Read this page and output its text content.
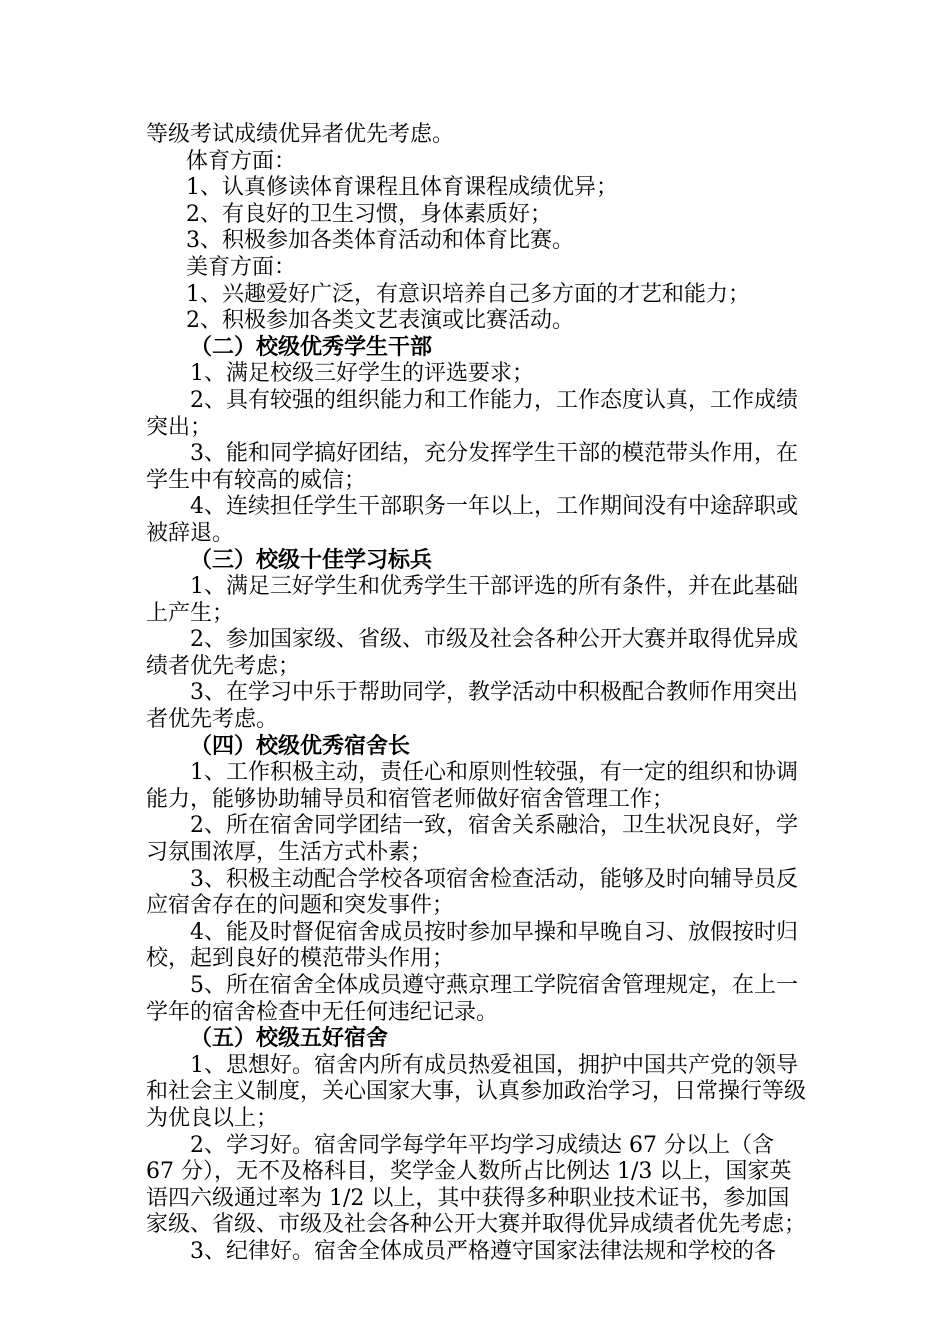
等级考试成绩优异者优先考虑。

体育方面：

1、认真修读体育课程且体育课程成绩优异；

2、有良好的卫生习惯，身体素质好；

3、积极参加各类体育活动和体育比赛。

美育方面：

1、兴趣爱好广泛，有意识培养自己多方面的才艺和能力；

2、积极参加各类文艺表演或比赛活动。

（二）校级优秀学生干部

1、满足校级三好学生的评选要求；

2、具有较强的组织能力和工作能力，工作态度认真，工作成绩突出；

3、能和同学搞好团结，充分发挥学生干部的模范带头作用，在学生中有较高的威信；

4、连续担任学生干部职务一年以上，工作期间没有中途辞职或被辞退。

（三）校级十佳学习标兵

1、满足三好学生和优秀学生干部评选的所有条件，并在此基础上产生；

2、参加国家级、省级、市级及社会各种公开大赛并取得优异成绩者优先考虑；

3、在学习中乐于帮助同学，教学活动中积极配合教师作用突出者优先考虑。

（四）校级优秀宿舍长

1、工作积极主动，责任心和原则性较强，有一定的组织和协调能力，能够协助辅导员和宿管老师做好宿舍管理工作；

2、所在宿舍同学团结一致，宿舍关系融洽，卫生状况良好，学习氛围浓厚，生活方式朴素；

3、积极主动配合学校各项宿舍检查活动，能够及时向辅导员反应宿舍存在的问题和突发事件；

4、能及时督促宿舍成员按时参加早操和早晚自习、放假按时归校，起到良好的模范带头作用；

5、所在宿舍全体成员遵守燕京理工学院宿舍管理规定，在上一学年的宿舍检查中无任何违纪记录。

（五）校级五好宿舍

1、思想好。宿舍内所有成员热爱祖国，拥护中国共产党的领导和社会主义制度，关心国家大事，认真参加政治学习，日常操行等级为优良以上；

2、学习好。宿舍同学每学年平均学习成绩达 67 分以上（含 67 分），无不及格科目，奖学金人数所占比例达 1/3 以上，国家英语四六级通过率为 1/2 以上，其中获得多种职业技术证书，参加国家级、省级、市级及社会各种公开大赛并取得优异成绩者优先考虑；

3、纪律好。宿舍全体成员严格遵守国家法律法规和学校的各
